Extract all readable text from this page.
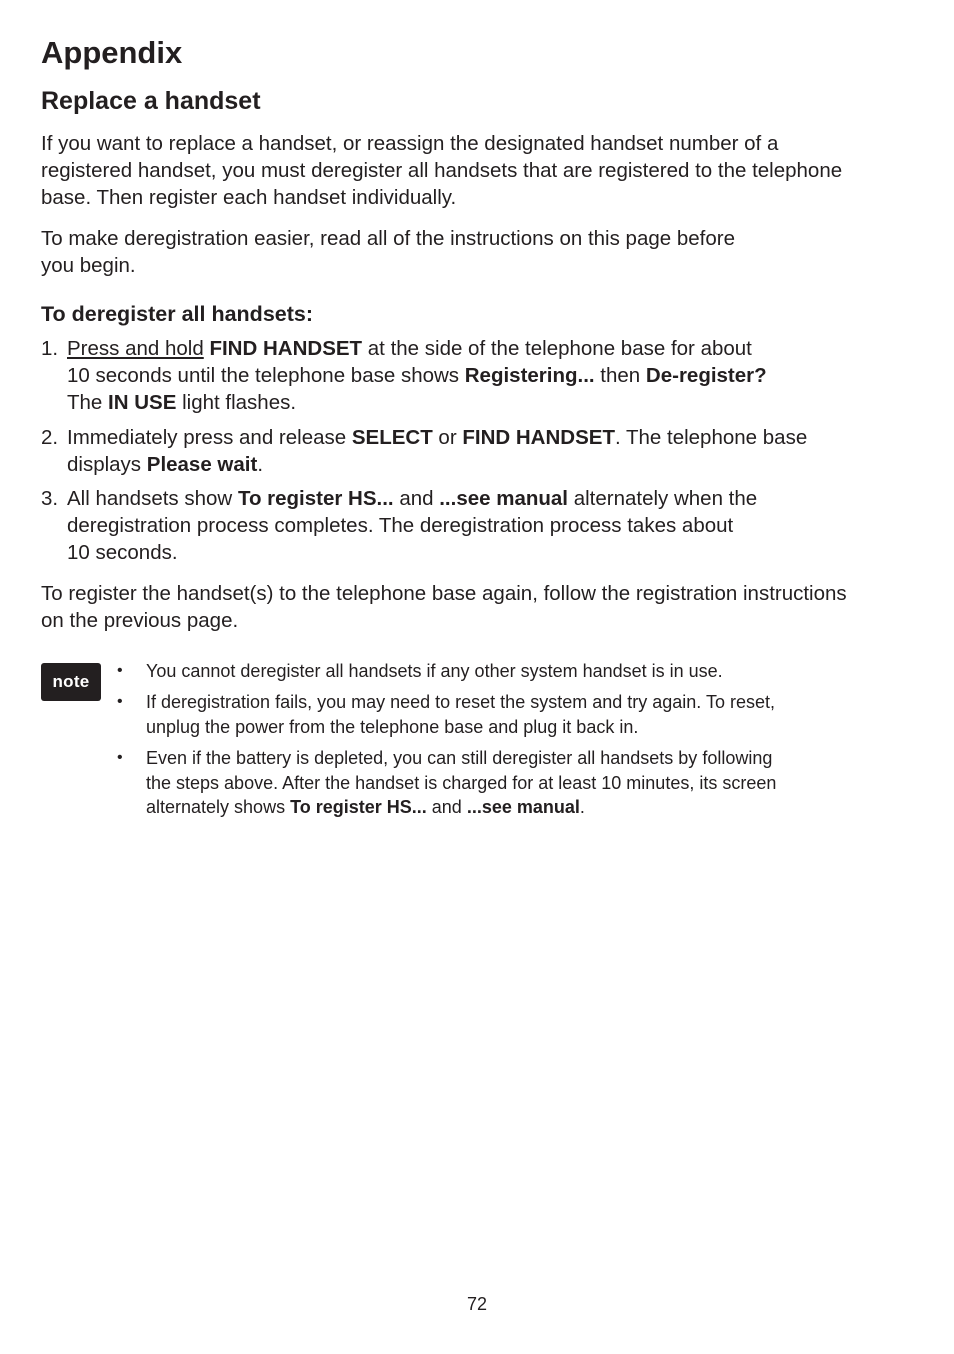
Appendix
Replace a handset

If you want to replace a handset, or reassign the designated handset number of a registered handset, you must deregister all handsets that are registered to the telephone base. Then register each handset individually.

To make deregistration easier, read all of the instructions on this page before
you begin.

To deregister all handsets:
1. Press and hold FIND HANDSET at the side of the telephone base for about
10 seconds until the telephone base shows Registering... then De-register?
The IN USE light flashes.
2. Immediately press and release SELECT or FIND HANDSET. The telephone base
displays Please wait.
3. All handsets show To register HS... and ...see manual alternately when the
deregistration process completes. The deregistration process takes about
10 seconds.

To register the handset(s) to the telephone base again, follow the registration instructions on the previous page.

note
• You cannot deregister all handsets if any other system handset is in use.
• If deregistration fails, you may need to reset the system and try again. To reset,
unplug the power from the telephone base and plug it back in.
• Even if the battery is depleted, you can still deregister all handsets by following
the steps above. After the handset is charged for at least 10 minutes, its screen
alternately shows To register HS... and ...see manual.
72
